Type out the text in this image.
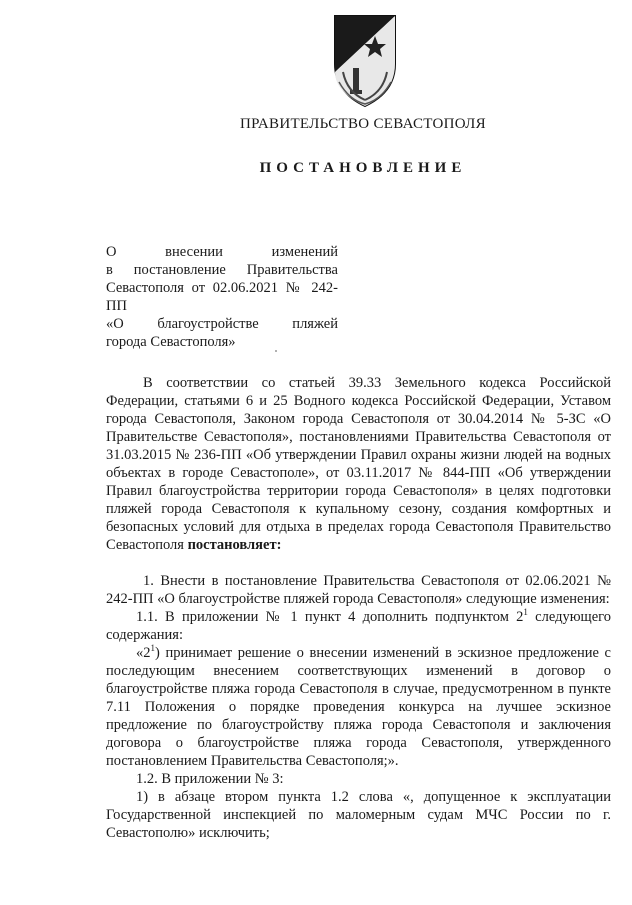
ПРАВИТЕЛЬСТВО СЕВАСТОПОЛЯ
ПОСТАНОВЛЕНИЕ
О внесении изменений
в постановление Правительства
Севастополя от 02.06.2021 № 242-ПП
«О благоустройстве пляжей
города Севастополя»

В соответствии со статьей 39.33 Земельного кодекса Российской Федерации, статьями 6 и 25 Водного кодекса Российской Федерации, Уставом города Севастополя, Законом города Севастополя от 30.04.2014 № 5-ЗС «О Правительстве Севастополя», постановлениями Правительства Севастополя от 31.03.2015 № 236-ПП «Об утверждении Правил охраны жизни людей на водных объектах в городе Севастополе», от 03.11.2017 № 844-ПП «Об утверждении Правил благоустройства территории города Севастополя» в целях подготовки пляжей города Севастополя к купальному сезону, создания комфортных и безопасных условий для отдыха в пределах города Севастополя Правительство Севастополя постановляет:

1. Внести в постановление Правительства Севастополя от 02.06.2021 № 242-ПП «О благоустройстве пляжей города Севастополя» следующие изменения:

1.1. В приложении № 1 пункт 4 дополнить подпунктом $2^1$ следующего содержания:

«$2^1$) принимает решение о внесении изменений в эскизное предложение с последующим внесением соответствующих изменений в договор о благоустройстве пляжа города Севастополя в случае, предусмотренном в пункте 7.11 Положения о порядке проведения конкурса на лучшее эскизное предложение по благоустройству пляжа города Севастополя и заключения договора о благоустройстве пляжа города Севастополя, утвержденного постановлением Правительства Севастополя;».

1.2. В приложении № 3:

1) в абзаце втором пункта 1.2 слова «, допущенное к эксплуатации Государственной инспекцией по маломерным судам МЧС России по г. Севастополю» исключить;
